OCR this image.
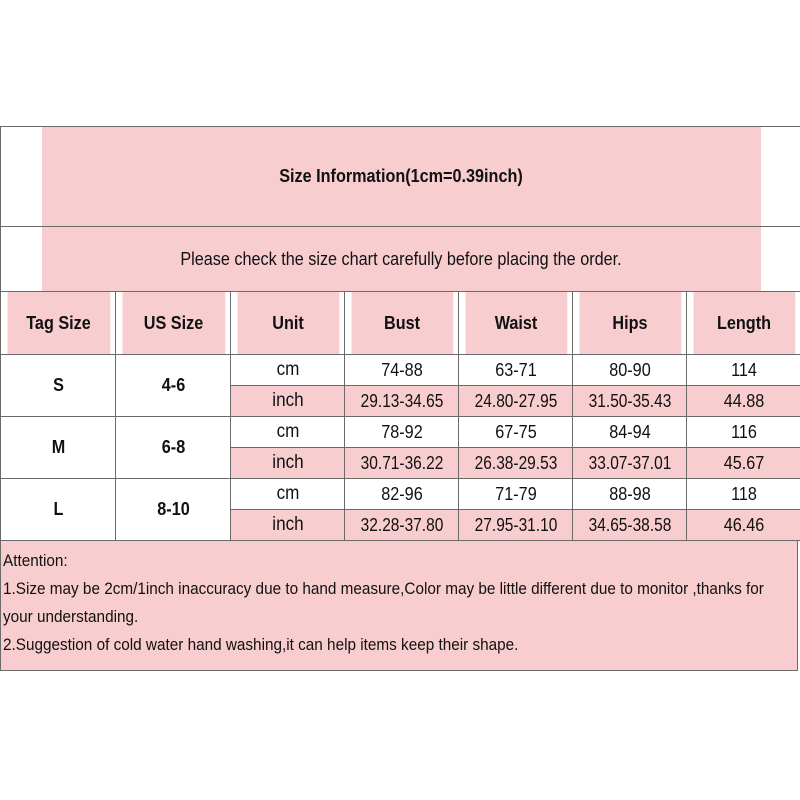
Size Information(1cm=0.39inch)						
Please check the size chart carefully before placing the order.						
Tag Size	US Size	Unit	Bust	Waist	Hips	Length
S	4-6	cm	74-88	63-71	80-90	114
		inch	29.13-34.65	24.80-27.95	31.50-35.43	44.88
M	6-8	cm	78-92	67-75	84-94	116
		inch	30.71-36.22	26.38-29.53	33.07-37.01	45.67
L	8-10	cm	82-96	71-79	88-98	118
		inch	32.28-37.80	27.95-31.10	34.65-38.58	46.46
Attention:
1.Size may be 2cm/1inch inaccuracy due to hand measure,Color may be little different due to monitor ,thanks for
your understanding.
2.Suggestion of cold water hand washing,it can help items keep their shape.
